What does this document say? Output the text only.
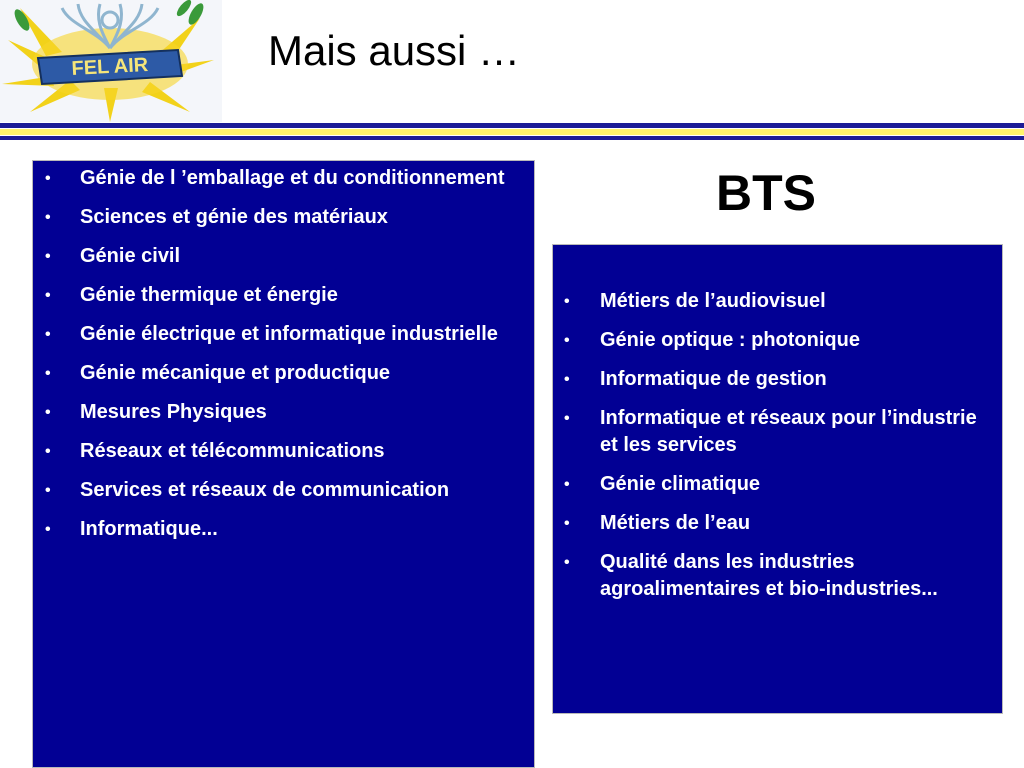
FEL AIR	Mais aussi …
• Génie de l ’emballage et du conditionnement
• Sciences et génie des matériaux
• Génie civil
• Génie thermique et énergie
• Génie électrique et informatique industrielle
• Génie mécanique et productique
• Mesures Physiques
• Réseaux et télécommunications
• Services et réseaux de communication
• Informatique...
BTS
• Métiers de l’audiovisuel
• Génie optique : photonique
• Informatique de gestion
• Informatique et réseaux pour l’industrie et les services
• Génie climatique
• Métiers de l’eau
• Qualité dans les industries agroalimentaires et bio-industries...
